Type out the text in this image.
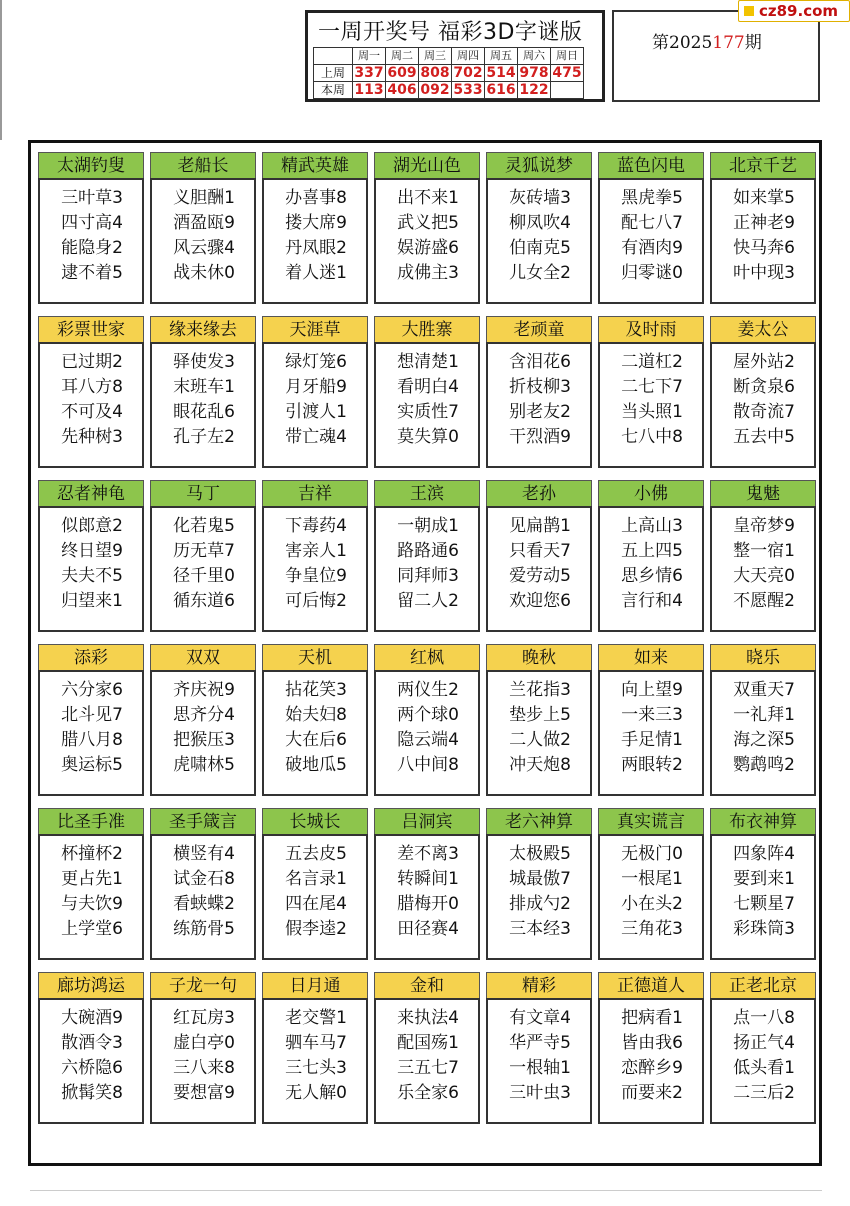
一周开奖号 福彩3D字谜版
	周一	周二	周三	周四	周五	周六	周日
上周	337	609	808	702	514	978	475
本周	113	406	092	533	616	122	
第2025177期
cz89.com
太湖钓叟
三叶草3
四寸高4
能隐身2
逮不着5
老船长
义胆酬1
酒盈瓯9
风云骤4
战未休0
精武英雄
办喜事8
搂大席9
丹凤眼2
着人迷1
湖光山色
出不来1
武义把5
娱游盛6
成佛主3
灵狐说梦
灰砖墙3
柳凤吹4
伯南克5
儿女全2
蓝色闪电
黑虎拳5
配七八7
有酒肉9
归零谜0
北京千艺
如来掌5
正神老9
快马奔6
叶中现3
彩票世家
已过期2
耳八方8
不可及4
先种树3
缘来缘去
驿使发3
末班车1
眼花乱6
孔子左2
天涯草
绿灯笼6
月牙船9
引渡人1
带亡魂4
大胜寨
想清楚1
看明白4
实质性7
莫失算0
老顽童
含泪花6
折枝柳3
别老友2
干烈酒9
及时雨
二道杠2
二七下7
当头照1
七八中8
姜太公
屋外站2
断贪泉6
散奇流7
五去中5
忍者神龟
似郎意2
终日望9
夫夫不5
归望来1
马丁
化若鬼5
历无草7
径千里0
循东道6
吉祥
下毒药4
害亲人1
争皇位9
可后悔2
王滨
一朝成1
路路通6
同拜师3
留二人2
老孙
见扁鹊1
只看天7
爱劳动5
欢迎您6
小佛
上高山3
五上四5
思乡情6
言行和4
鬼魅
皇帝梦9
整一宿1
大天亮0
不愿醒2
添彩
六分家6
北斗见7
腊八月8
奥运标5
双双
齐庆祝9
思齐分4
把猴压3
虎啸林5
天机
拈花笑3
始夫妇8
大在后6
破地瓜5
红枫
两仪生2
两个球0
隐云端4
八中间8
晚秋
兰花指3
垫步上5
二人做2
冲天炮8
如来
向上望9
一来三3
手足情1
两眼转2
晓乐
双重天7
一礼拜1
海之深5
鹦鹉鸣2
比圣手准
杯撞杯2
更占先1
与夫饮9
上学堂6
圣手箴言
横竖有4
试金石8
看蛱蝶2
练筋骨5
长城长
五去皮5
名言录1
四在尾4
假李逵2
吕洞宾
差不离3
转瞬间1
腊梅开0
田径赛4
老六神算
太极殿5
城最傲7
排成勺2
三本经3
真实谎言
无极门0
一根尾1
小在头2
三角花3
布衣神算
四象阵4
要到来1
七颗星7
彩珠筒3
廊坊鸿运
大碗酒9
散酒令3
六桥隐6
掀髯笑8
子龙一句
红瓦房3
虚白亭0
三八来8
要想富9
日月通
老交警1
驷车马7
三七头3
无人解0
金和
来执法4
配国殇1
三五七7
乐全家6
精彩
有文章4
华严寺5
一根轴1
三叶虫3
正德道人
把病看1
皆由我6
恋醉乡9
而要来2
正老北京
点一八8
扬正气4
低头看1
二三后2
